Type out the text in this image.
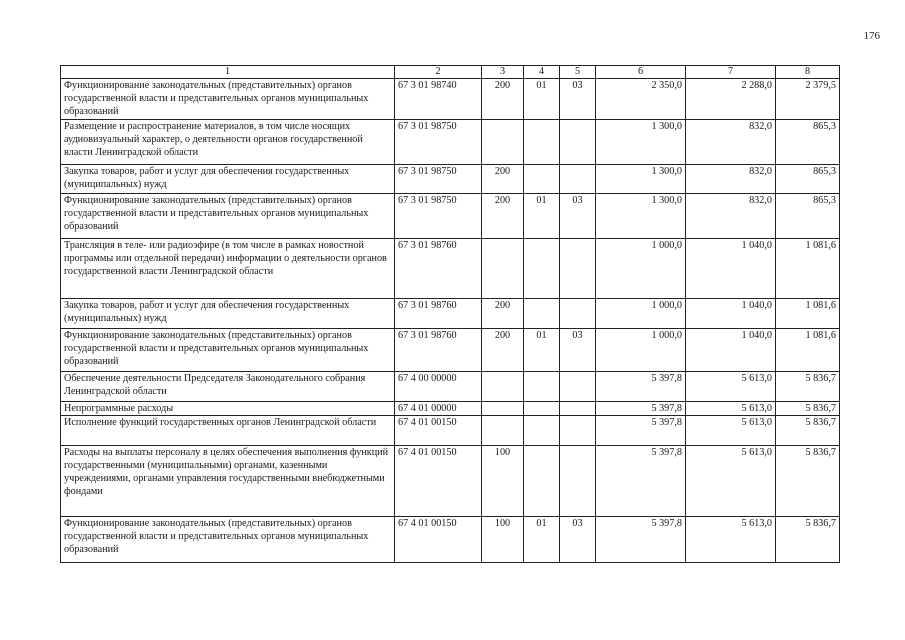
176
1	2	3	4	5	6	7	8
Функционирование законодательных (представительных) органов государственной власти и представительных органов муниципальных образований	67 3 01 98740	200	01	03	2 350,0	2 288,0	2 379,5
Размещение и распространение материалов, в том числе носящих аудиовизуальный характер, о деятельности органов государственной власти Ленинградской области	67 3 01 98750				1 300,0	832,0	865,3
Закупка товаров, работ и услуг для обеспечения государственных (муниципальных) нужд	67 3 01 98750	200			1 300,0	832,0	865,3
Функционирование законодательных (представительных) органов государственной власти и представительных органов муниципальных образований	67 3 01 98750	200	01	03	1 300,0	832,0	865,3
Трансляция в теле- или радиоэфире (в том числе в рамках новостной программы или отдельной передачи) информации о деятельности органов государственной власти Ленинградской области	67 3 01 98760				1 000,0	1 040,0	1 081,6
Закупка товаров, работ и услуг для обеспечения государственных (муниципальных) нужд	67 3 01 98760	200			1 000,0	1 040,0	1 081,6
Функционирование законодательных (представительных) органов государственной власти и представительных органов муниципальных образований	67 3 01 98760	200	01	03	1 000,0	1 040,0	1 081,6
Обеспечение деятельности Председателя Законодательного собрания Ленинградской области	67 4 00 00000				5 397,8	5 613,0	5 836,7
Непрограммные расходы	67 4 01 00000				5 397,8	5 613,0	5 836,7
Исполнение функций государственных органов Ленинградской области	67 4 01 00150				5 397,8	5 613,0	5 836,7
Расходы на выплаты персоналу в целях обеспечения выполнения функций государственными (муниципальными) органами, казенными учреждениями, органами управления государственными внебюджетными фондами	67 4 01 00150	100			5 397,8	5 613,0	5 836,7
Функционирование законодательных (представительных) органов государственной власти и представительных органов муниципальных образований	67 4 01 00150	100	01	03	5 397,8	5 613,0	5 836,7
